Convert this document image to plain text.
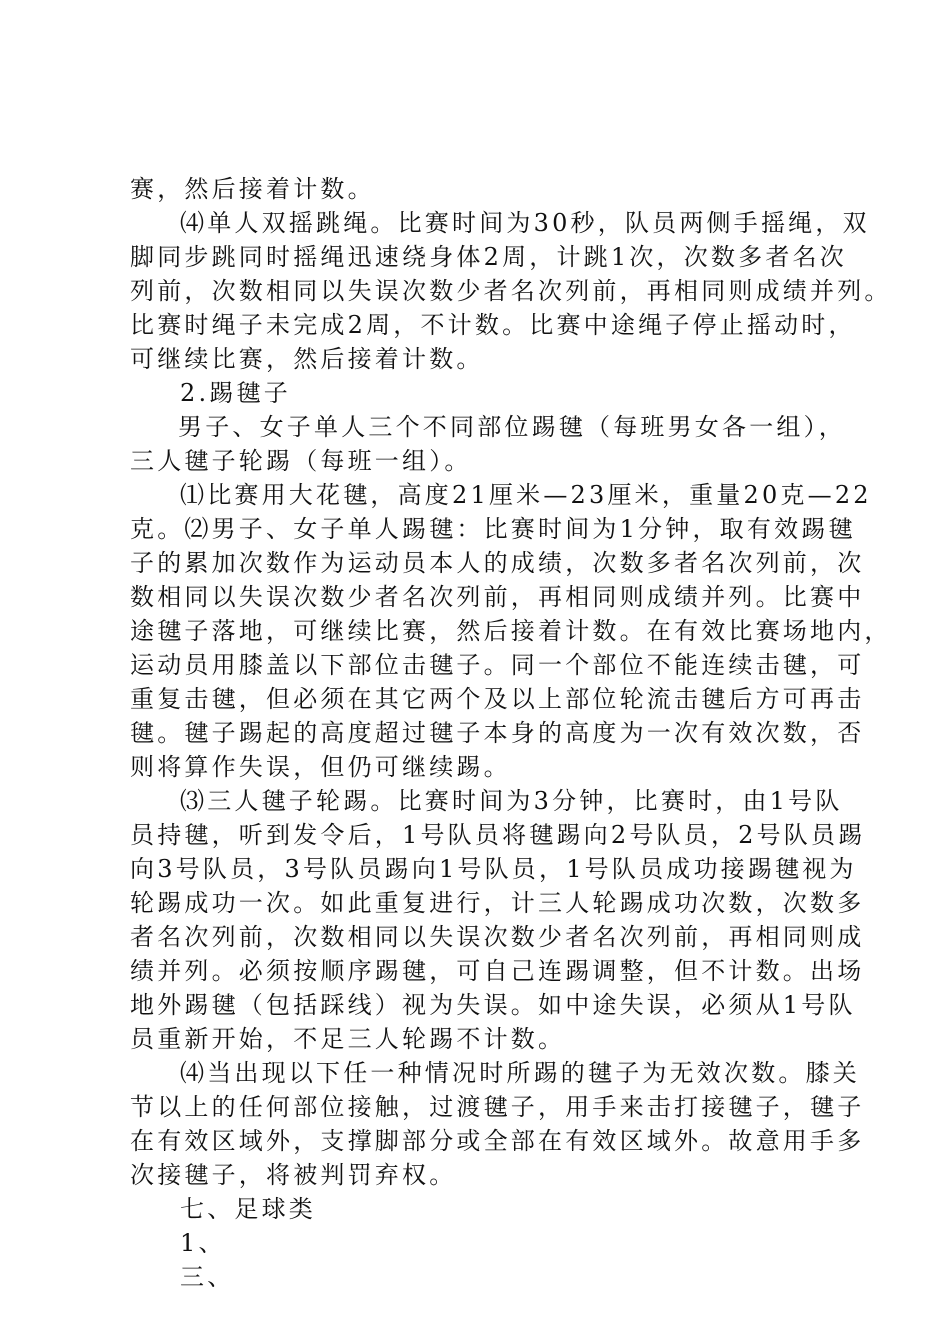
赛，然后接着计数。
⑷单人双摇跳绳。比赛时间为30秒，队员两侧手摇绳，双
脚同步跳同时摇绳迅速绕身体2周，计跳1次，次数多者名次
列前，次数相同以失误次数少者名次列前，再相同则成绩并列。
比赛时绳子未完成2周，不计数。比赛中途绳子停止摇动时，
可继续比赛，然后接着计数。
2.踢毽子
男子、女子单人三个不同部位踢毽（每班男女各一组），
三人毽子轮踢（每班一组）。
⑴比赛用大花毽，高度21厘米—23厘米，重量20克—22
克。⑵男子、女子单人踢毽：比赛时间为1分钟，取有效踢毽
子的累加次数作为运动员本人的成绩，次数多者名次列前，次
数相同以失误次数少者名次列前，再相同则成绩并列。比赛中
途毽子落地，可继续比赛，然后接着计数。在有效比赛场地内，
运动员用膝盖以下部位击毽子。同一个部位不能连续击毽，可
重复击毽，但必须在其它两个及以上部位轮流击毽后方可再击
毽。毽子踢起的高度超过毽子本身的高度为一次有效次数，否
则将算作失误，但仍可继续踢。
⑶三人毽子轮踢。比赛时间为3分钟，比赛时，由1号队
员持毽，听到发令后，1号队员将毽踢向2号队员，2号队员踢
向3号队员，3号队员踢向1号队员，1号队员成功接踢毽视为
轮踢成功一次。如此重复进行，计三人轮踢成功次数，次数多
者名次列前，次数相同以失误次数少者名次列前，再相同则成
绩并列。必须按顺序踢毽，可自己连踢调整，但不计数。出场
地外踢毽（包括踩线）视为失误。如中途失误，必须从1号队
员重新开始，不足三人轮踢不计数。
⑷当出现以下任一种情况时所踢的毽子为无效次数。膝关
节以上的任何部位接触，过渡毽子，用手来击打接毽子，毽子
在有效区域外，支撑脚部分或全部在有效区域外。故意用手多
次接毽子，将被判罚弃权。
七、足球类
1、
三、
